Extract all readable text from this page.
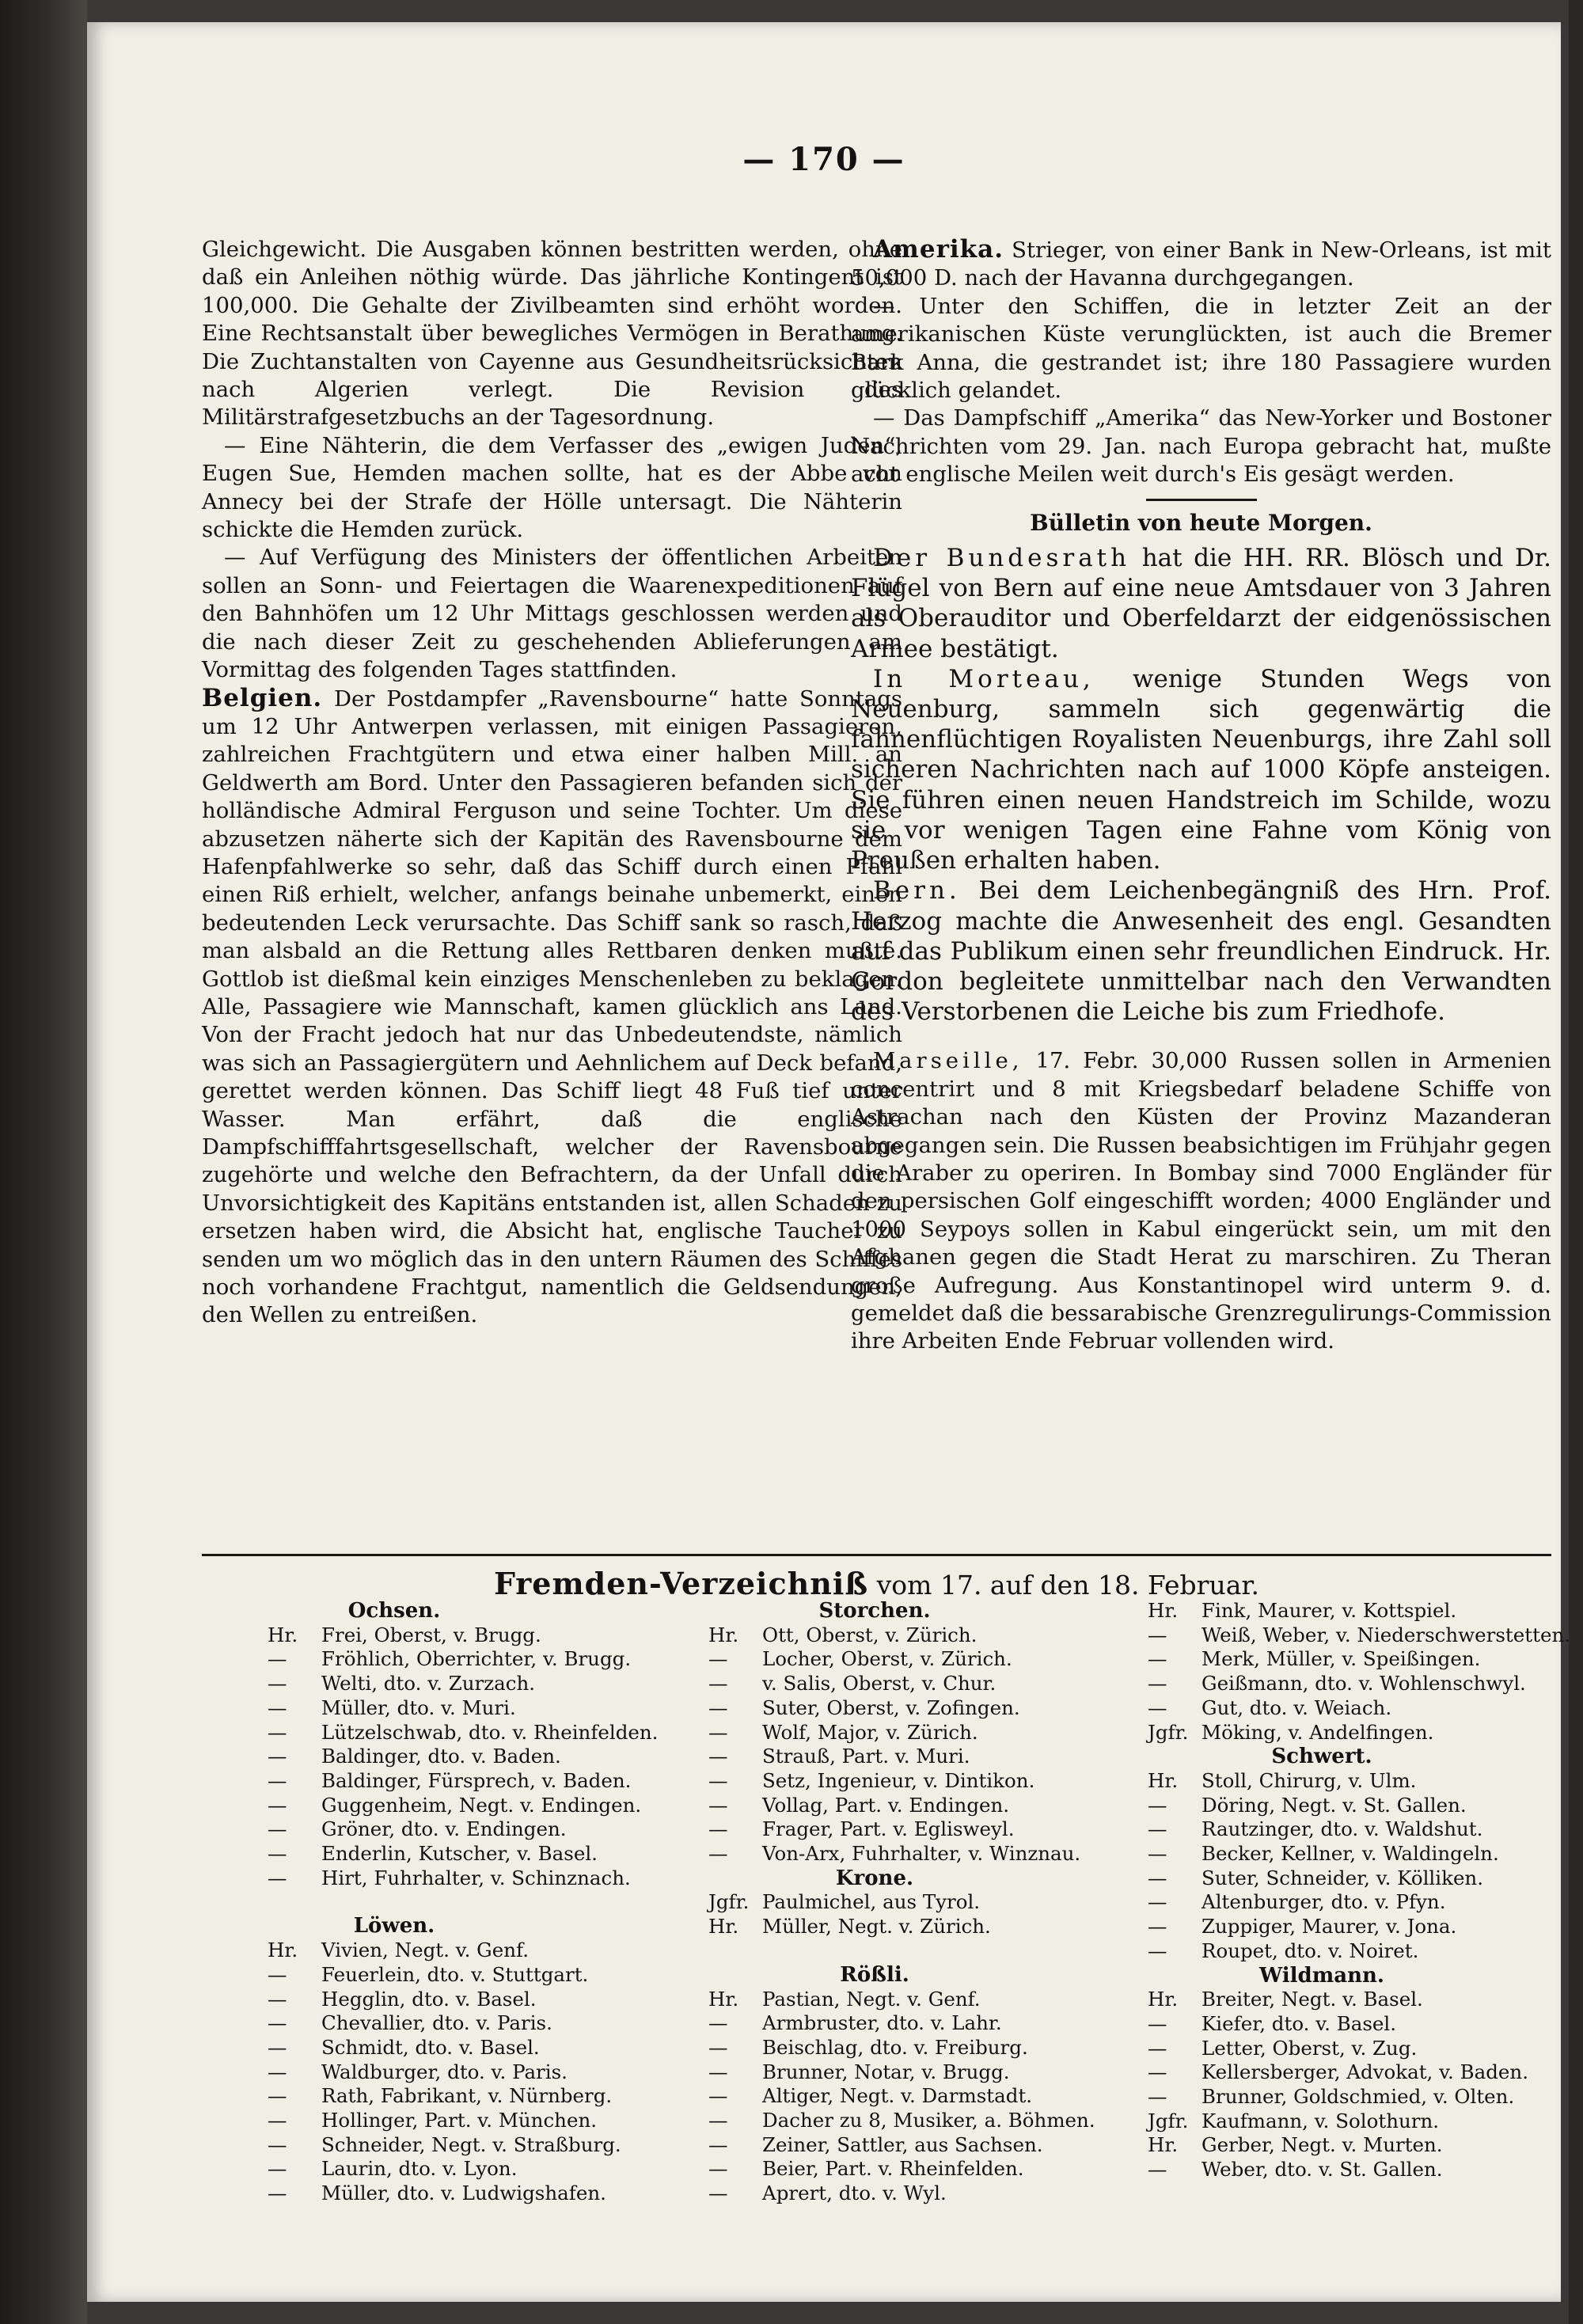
— 170 —

Gleichgewicht. Die Ausgaben können bestritten werden, ohne daß ein Anleihen nöthig würde. Das jährliche Kontingent ist 100,000. Die Gehalte der Zivilbeamten sind erhöht worden. Eine Rechtsanstalt über bewegliches Vermögen in Berathung. Die Zuchtanstalten von Cayenne aus Gesundheitsrücksichten nach Algerien verlegt. Die Revision des Militärstrafgesetzbuchs an der Tagesordnung.

— Eine Nähterin, die dem Verfasser des „ewigen Juden“, Eugen Sue, Hemden machen sollte, hat es der Abbe von Annecy bei der Strafe der Hölle untersagt. Die Nähterin schickte die Hemden zurück.

— Auf Verfügung des Ministers der öffentlichen Arbeiten sollen an Sonn- und Feiertagen die Waarenexpeditionen auf den Bahnhöfen um 12 Uhr Mittags geschlossen werden und die nach dieser Zeit zu geschehenden Ablieferungen am Vormittag des folgenden Tages stattfinden.

Belgien. Der Postdampfer „Ravensbourne“ hatte Sonntags um 12 Uhr Antwerpen verlassen, mit einigen Passagieren, zahlreichen Frachtgütern und etwa einer halben Mill. an Geldwerth am Bord. Unter den Passagieren befanden sich der holländische Admiral Ferguson und seine Tochter. Um diese abzusetzen näherte sich der Kapitän des Ravensbourne dem Hafenpfahlwerke so sehr, daß das Schiff durch einen Pfahl einen Riß erhielt, welcher, anfangs beinahe unbemerkt, einen bedeutenden Leck verursachte. Das Schiff sank so rasch, daß man alsbald an die Rettung alles Rettbaren denken mußte. Gottlob ist dießmal kein einziges Menschenleben zu beklagen. Alle, Passagiere wie Mannschaft, kamen glücklich ans Land. Von der Fracht jedoch hat nur das Unbedeutendste, nämlich was sich an Passagiergütern und Aehnlichem auf Deck befand, gerettet werden können. Das Schiff liegt 48 Fuß tief unter Wasser. Man erfährt, daß die englische Dampfschifffahrtsgesellschaft, welcher der Ravensbourne zugehörte und welche den Befrachtern, da der Unfall durch Unvorsichtigkeit des Kapitäns entstanden ist, allen Schaden zu ersetzen haben wird, die Absicht hat, englische Taucher zu senden um wo möglich das in den untern Räumen des Schiffes noch vorhandene Frachtgut, namentlich die Geldsendungen, den Wellen zu entreißen.

Amerika. Strieger, von einer Bank in New-Orleans, ist mit 50,000 D. nach der Havanna durchgegangen.

— Unter den Schiffen, die in letzter Zeit an der amerikanischen Küste verunglückten, ist auch die Bremer Bark Anna, die gestrandet ist; ihre 180 Passagiere wurden glücklich gelandet.

— Das Dampfschiff „Amerika“ das New-Yorker und Bostoner Nachrichten vom 29. Jan. nach Europa gebracht hat, mußte acht englische Meilen weit durch's Eis gesägt werden.

Bülletin von heute Morgen.

Der Bundesrath hat die HH. RR. Blösch und Dr. Flügel von Bern auf eine neue Amtsdauer von 3 Jahren als Oberauditor und Oberfeldarzt der eidgenössischen Armee bestätigt.

In Morteau, wenige Stunden Wegs von Neuenburg, sammeln sich gegenwärtig die fahnenflüchtigen Royalisten Neuenburgs, ihre Zahl soll sicheren Nachrichten nach auf 1000 Köpfe ansteigen. Sie führen einen neuen Handstreich im Schilde, wozu sie vor wenigen Tagen eine Fahne vom König von Preußen erhalten haben.

Bern. Bei dem Leichenbegängniß des Hrn. Prof. Herzog machte die Anwesenheit des engl. Gesandten auf das Publikum einen sehr freundlichen Eindruck. Hr. Gordon begleitete unmittelbar nach den Verwandten des Verstorbenen die Leiche bis zum Friedhofe.

Marseille, 17. Febr. 30,000 Russen sollen in Armenien concentrirt und 8 mit Kriegsbedarf beladene Schiffe von Astrachan nach den Küsten der Provinz Mazanderan abgegangen sein. Die Russen beabsichtigen im Frühjahr gegen die Araber zu operiren. In Bombay sind 7000 Engländer für den persischen Golf eingeschifft worden; 4000 Engländer und 1000 Seypoys sollen in Kabul eingerückt sein, um mit den Afghanen gegen die Stadt Herat zu marschiren. Zu Theran große Aufregung. Aus Konstantinopel wird unterm 9. d. gemeldet daß die bessarabische Grenzregulirungs-Commission ihre Arbeiten Ende Februar vollenden wird.

Fremden-Verzeichniß vom 17. auf den 18. Februar.
Ochsen.
Hr. Frei, Oberst, v. Brugg.
— Fröhlich, Oberrichter, v. Brugg.
— Welti, dto. v. Zurzach.
— Müller, dto. v. Muri.
— Lützelschwab, dto. v. Rheinfelden.
— Baldinger, dto. v. Baden.
— Baldinger, Fürsprech, v. Baden.
— Guggenheim, Negt. v. Endingen.
— Gröner, dto. v. Endingen.
— Enderlin, Kutscher, v. Basel.
— Hirt, Fuhrhalter, v. Schinznach.
Löwen.
Hr. Vivien, Negt. v. Genf.
— Feuerlein, dto. v. Stuttgart.
— Hegglin, dto. v. Basel.
— Chevallier, dto. v. Paris.
— Schmidt, dto. v. Basel.
— Waldburger, dto. v. Paris.
— Rath, Fabrikant, v. Nürnberg.
— Hollinger, Part. v. München.
— Schneider, Negt. v. Straßburg.
— Laurin, dto. v. Lyon.
— Müller, dto. v. Ludwigshafen.
Storchen.
Hr. Ott, Oberst, v. Zürich.
— Locher, Oberst, v. Zürich.
— v. Salis, Oberst, v. Chur.
— Suter, Oberst, v. Zofingen.
— Wolf, Major, v. Zürich.
— Strauß, Part. v. Muri.
— Setz, Ingenieur, v. Dintikon.
— Vollag, Part. v. Endingen.
— Frager, Part. v. Eglisweyl.
— Von-Arx, Fuhrhalter, v. Winznau.
Krone.
Jgfr. Paulmichel, aus Tyrol.
Hr. Müller, Negt. v. Zürich.
Rößli.
Hr. Pastian, Negt. v. Genf.
— Armbruster, dto. v. Lahr.
— Beischlag, dto. v. Freiburg.
— Brunner, Notar, v. Brugg.
— Altiger, Negt. v. Darmstadt.
— Dacher zu 8, Musiker, a. Böhmen.
— Zeiner, Sattler, aus Sachsen.
— Beier, Part. v. Rheinfelden.
— Aprert, dto. v. Wyl.
Hr. Fink, Maurer, v. Kottspiel.
— Weiß, Weber, v. Niederschwerstetten.
— Merk, Müller, v. Speißingen.
— Geißmann, dto. v. Wohlenschwyl.
— Gut, dto. v. Weiach.
Jgfr. Möking, v. Andelfingen.
Schwert.
Hr. Stoll, Chirurg, v. Ulm.
— Döring, Negt. v. St. Gallen.
— Rautzinger, dto. v. Waldshut.
— Becker, Kellner, v. Waldingeln.
— Suter, Schneider, v. Kölliken.
— Altenburger, dto. v. Pfyn.
— Zuppiger, Maurer, v. Jona.
— Roupet, dto. v. Noiret.
Wildmann.
Hr. Breiter, Negt. v. Basel.
— Kiefer, dto. v. Basel.
— Letter, Oberst, v. Zug.
— Kellersberger, Advokat, v. Baden.
— Brunner, Goldschmied, v. Olten.
Jgfr. Kaufmann, v. Solothurn.
Hr. Gerber, Negt. v. Murten.
— Weber, dto. v. St. Gallen.
